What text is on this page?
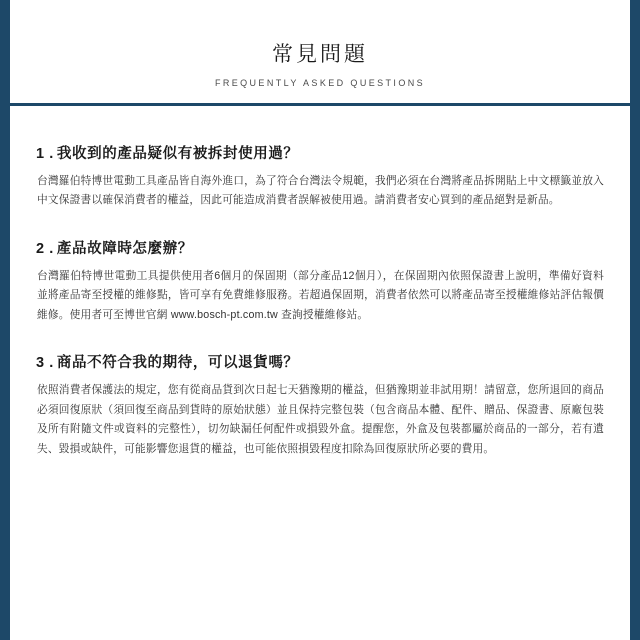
常見問題
FREQUENTLY ASKED QUESTIONS
1 . 我收到的產品疑似有被拆封使用過？
台灣羅伯特博世電動工具產品皆自海外進口，為了符合台灣法令規範，我們必須在台灣將產品拆開貼上中文標籤並放入中文保證書以確保消費者的權益，因此可能造成消費者誤解被使用過。請消費者安心買到的產品絕對是新品。
2 . 產品故障時怎麼辦？
台灣羅伯特博世電動工具提供使用者6個月的保固期（部分產品12個月），在保固期內依照保證書上說明，準備好資料並將產品寄至授權的維修點，皆可享有免費維修服務。若超過保固期，消費者依然可以將產品寄至授權維修站評估報價維修。使用者可至博世官網 www.bosch-pt.com.tw 查詢授權維修站。
3 . 商品不符合我的期待，可以退貨嗎？
依照消費者保護法的規定，您有從商品貨到次日起七天猶豫期的權益，但猶豫期並非試用期！請留意，您所退回的商品必須回復原狀（須回復至商品到貨時的原始狀態）並且保持完整包裝（包含商品本體、配件、贈品、保證書、原廠包裝及所有附隨文件或資料的完整性），切勿缺漏任何配件或損毀外盒。提醒您，外盒及包裝都屬於商品的一部分，若有遺失、毀損或缺件，可能影響您退貨的權益，也可能依照損毀程度扣除為回復原狀所必要的費用。
